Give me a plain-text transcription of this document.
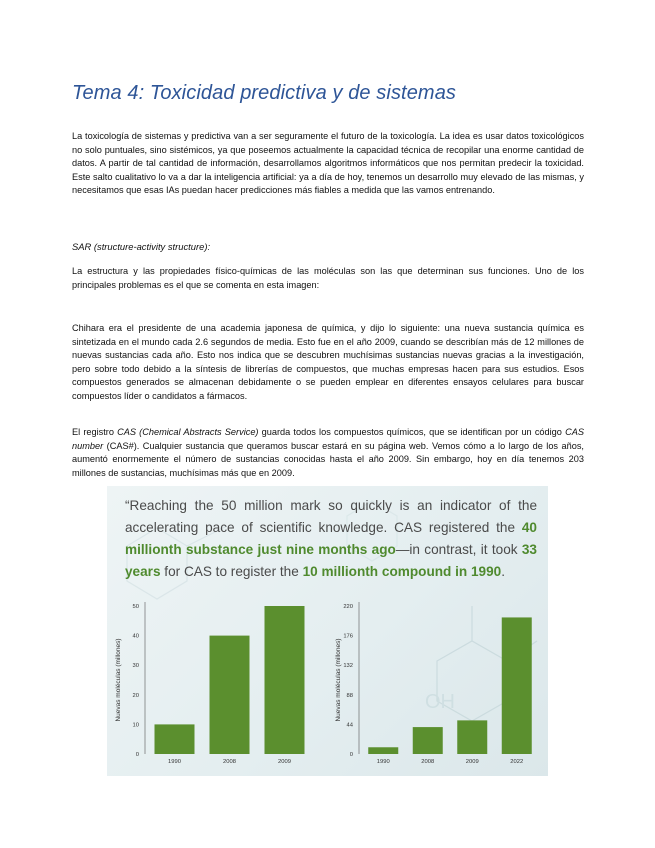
Tema 4: Toxicidad predictiva y de sistemas

La toxicología de sistemas y predictiva van a ser seguramente el futuro de la toxicología. La idea es usar datos toxicológicos no solo puntuales, sino sistémicos, ya que poseemos actualmente la capacidad técnica de recopilar una enorme cantidad de datos. A partir de tal cantidad de información, desarrollamos algoritmos informáticos que nos permitan predecir la toxicidad. Este salto cualitativo lo va a dar la inteligencia artificial: ya a día de hoy, tenemos un desarrollo muy elevado de las mismas, y necesitamos que esas IAs puedan hacer predicciones más fiables a medida que las vamos entrenando.

SAR (structure-activity structure):

La estructura y las propiedades físico-químicas de las moléculas son las que determinan sus funciones. Uno de los principales problemas es el que se comenta en esta imagen:

Chihara era el presidente de una academia japonesa de química, y dijo lo siguiente: una nueva sustancia química es sintetizada en el mundo cada 2.6 segundos de media. Esto fue en el año 2009, cuando se describían más de 12 millones de nuevas sustancias cada año. Esto nos indica que se descubren muchísimas sustancias nuevas gracias a la investigación, pero sobre todo debido a la síntesis de librerías de compuestos, que muchas empresas hacen para sus estudios. Esos compuestos generados se almacenan debidamente o se pueden emplear en diferentes ensayos celulares para buscar compuestos líder o candidatos a fármacos.

El registro CAS (Chemical Abstracts Service) guarda todos los compuestos químicos, que se identifican por un código CAS number (CAS#). Cualquier sustancia que queramos buscar estará en su página web. Vemos cómo a lo largo de los años, aumentó enormemente el número de sustancias conocidas hasta el año 2009. Sin embargo, hoy en día tenemos 203 millones de sustancias, muchísimas más que en 2009.

OH

“Reaching the 50 million mark so quickly is an indicator of the accelerating pace of scientific knowledge. CAS registered the 40 millionth substance just nine months ago—in contrast, it took 33 years for CAS to register the 10 millionth compound in 1990.

Nuevas moléculas (millones)
0
10
20
30
40
50
1990	2008	2009
Nuevas moléculas (millones)
0
44
88
132
176
220
1990	2008	2009	2022
